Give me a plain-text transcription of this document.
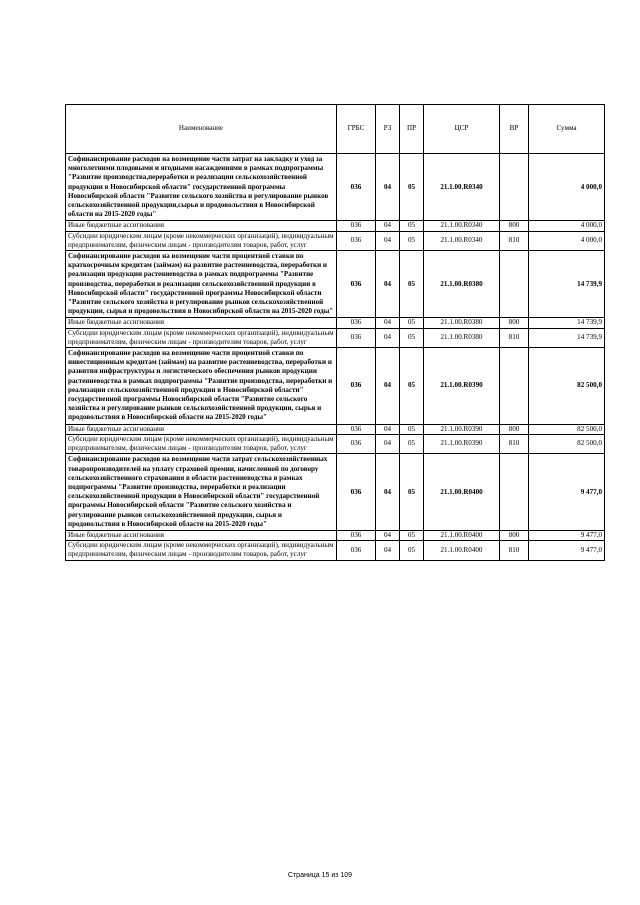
Наименование	ГРБС	РЗ	ПР	ЦСР	ВР	Сумма
Софинансирование расходов на возмещение части затрат на закладку и уход за многолетними плодовыми и ягодными насаждениями в рамках подпрограммы "Развитие производства,переработки и реализации сельскохозяйственной продукции в Новосибирской области" государственной программы Новосибирской области "Развитие сельского хозяйства и регулирование рынков сельскохозяйственной продукции,сырья и продовольствия в Новосибирской области на 2015-2020 годы"	036	04	05	21.1.00.R0340		4 000,0
Иные бюджетные ассигнования	036	04	05	21.1.00.R0340	800	4 000,0
Субсидии юридическим лицам (кроме некоммерческих организаций), индивидуальным предпринимателям, физическим лицам - производителям товаров, работ, услуг	036	04	05	21.1.00.R0340	810	4 000,0
Софинансирование расходов на возмещение части процентной ставки по краткосрочным кредитам (займам) на развитие растениеводства, переработки и реализации продукции растениеводства в рамках подпрограммы "Развитие производства, переработки и реализации сельскохозяйственной продукции в Новосибирской области" государственной программы Новосибирской области "Развитие сельского хозяйства и регулирование рынков сельскохозяйственной продукции, сырья и продовольствия в Новосибирской области на 2015-2020 годы"	036	04	05	21.1.00.R0380		14 739,9
Иные бюджетные ассигнования	036	04	05	21.1.00.R0380	800	14 739,9
Субсидии юридическим лицам (кроме некоммерческих организаций), индивидуальным предпринимателям, физическим лицам - производителям товаров, работ, услуг	036	04	05	21.1.00.R0380	810	14 739,9
Софинансирование расходов на возмещение части процентной ставки по инвестиционным кредитам (займам) на развитие растениеводства, переработки и развития инфраструктуры и логистического обеспечения рынков продукции растениеводства в рамках подпрограммы "Развитие производства, переработки и реализации сельскохозяйственной продукции в Новосибирской области" государственной программы Новосибирской области "Развитие сельского хозяйства и регулирование рынков сельскохозяйственной продукции, сырья и продовольствия в Новосибирской области на 2015-2020 годы"	036	04	05	21.1.00.R0390		82 500,0
Иные бюджетные ассигнования	036	04	05	21.1.00.R0390	800	82 500,0
Субсидии юридическим лицам (кроме некоммерческих организаций), индивидуальным предпринимателям, физическим лицам - производителям товаров, работ, услуг	036	04	05	21.1.00.R0390	810	82 500,0
Софинансирование расходов на возмещение части затрат сельскохозяйственных товаропроизводителей на уплату страховой премии, начисленной по договору сельскохозяйственного страхования в области растениеводства в рамках подпрограммы "Развитие производства, переработки и реализации сельскохозяйственной продукции в Новосибирской области" государственной программы Новосибирской области "Развитие сельского хозяйства и регулирование рынков сельскохозяйственной продукции, сырья и продовольствия в Новосибирской области на 2015-2020 годы"	036	04	05	21.1.00.R0400		9 477,0
Иные бюджетные ассигнования	036	04	05	21.1.00.R0400	800	9 477,0
Субсидии юридическим лицам (кроме некоммерческих организаций), индивидуальным предпринимателям, физическим лицам - производителям товаров, работ, услуг	036	04	05	21.1.00.R0400	810	9 477,0
Страница 15 из 109
